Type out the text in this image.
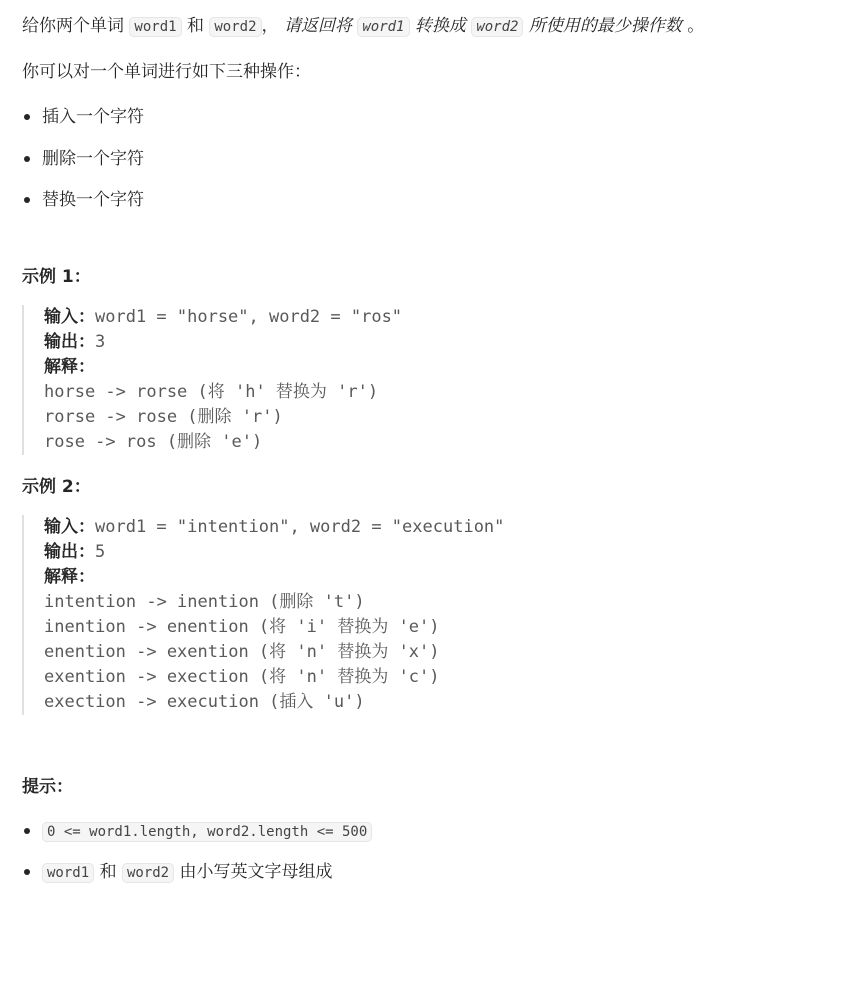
给你两个单词 word1 和 word2 ， 请返回将 word1 转换成 word2 所使用的最少操作数 。

你可以对一个单词进行如下三种操作：

插入一个字符
删除一个字符
替换一个字符
示例 1：
输入：word1 = "horse", word2 = "ros"
输出：3
解释：
horse -> rorse (将 'h' 替换为 'r')
rorse -> rose (删除 'r')
rose -> ros (删除 'e')
示例 2：
输入：word1 = "intention", word2 = "execution"
输出：5
解释：
intention -> inention (删除 't')
inention -> enention (将 'i' 替换为 'e')
enention -> exention (将 'n' 替换为 'x')
exention -> exection (将 'n' 替换为 'c')
exection -> execution (插入 'u')
提示：
0 <= word1.length, word2.length <= 500
word1 和 word2 由小写英文字母组成
